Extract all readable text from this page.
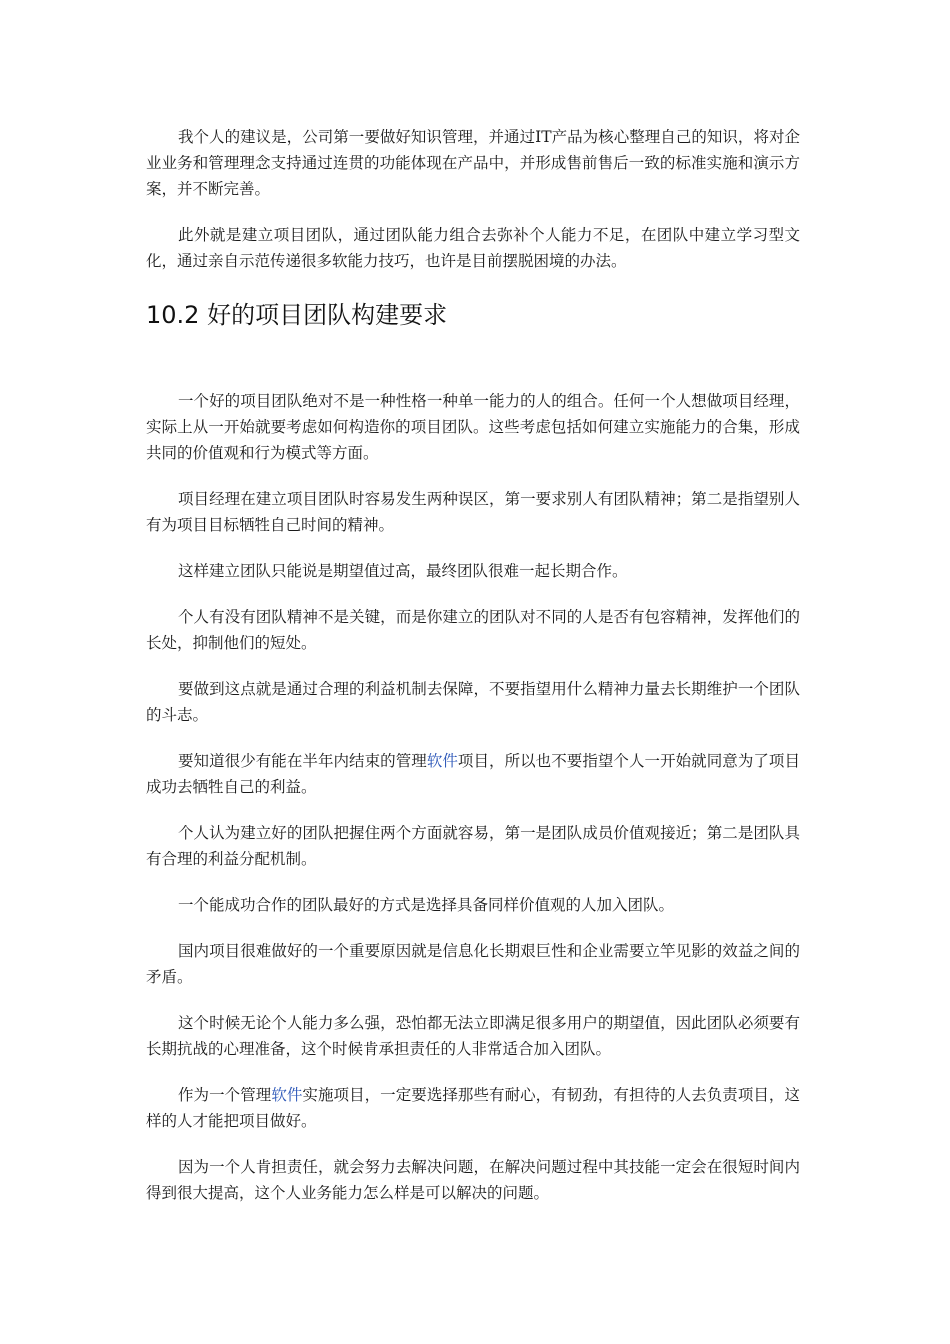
我个人的建议是，公司第一要做好知识管理，并通过IT产品为核心整理自己的知识，将对企业业务和管理理念支持通过连贯的功能体现在产品中，并形成售前售后一致的标准实施和演示方案，并不断完善。

此外就是建立项目团队，通过团队能力组合去弥补个人能力不足，在团队中建立学习型文化，通过亲自示范传递很多软能力技巧，也许是目前摆脱困境的办法。

10.2 好的项目团队构建要求

一个好的项目团队绝对不是一种性格一种单一能力的人的组合。任何一个人想做项目经理，实际上从一开始就要考虑如何构造你的项目团队。这些考虑包括如何建立实施能力的合集，形成共同的价值观和行为模式等方面。

项目经理在建立项目团队时容易发生两种误区，第一要求别人有团队精神；第二是指望别人有为项目目标牺牲自己时间的精神。

这样建立团队只能说是期望值过高，最终团队很难一起长期合作。

个人有没有团队精神不是关键，而是你建立的团队对不同的人是否有包容精神，发挥他们的长处，抑制他们的短处。

要做到这点就是通过合理的利益机制去保障，不要指望用什么精神力量去长期维护一个团队的斗志。

要知道很少有能在半年内结束的管理软件项目，所以也不要指望个人一开始就同意为了项目成功去牺牲自己的利益。

个人认为建立好的团队把握住两个方面就容易，第一是团队成员价值观接近；第二是团队具有合理的利益分配机制。

一个能成功合作的团队最好的方式是选择具备同样价值观的人加入团队。

国内项目很难做好的一个重要原因就是信息化长期艰巨性和企业需要立竿见影的效益之间的矛盾。

这个时候无论个人能力多么强，恐怕都无法立即满足很多用户的期望值，因此团队必须要有长期抗战的心理准备，这个时候肯承担责任的人非常适合加入团队。

作为一个管理软件实施项目，一定要选择那些有耐心，有韧劲，有担待的人去负责项目，这样的人才能把项目做好。

因为一个人肯担责任，就会努力去解决问题，在解决问题过程中其技能一定会在很短时间内得到很大提高，这个人业务能力怎么样是可以解决的问题。
